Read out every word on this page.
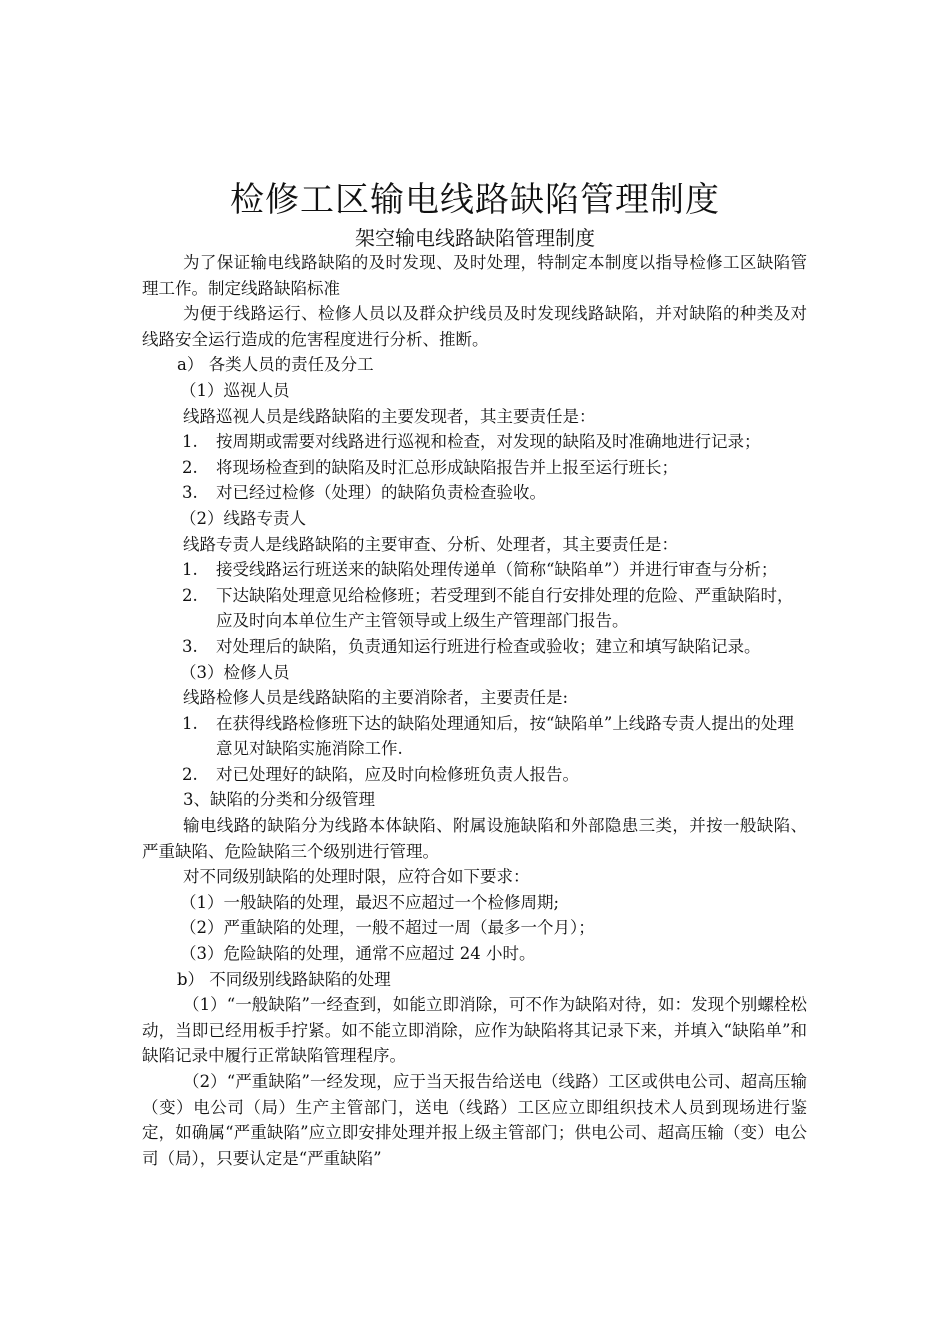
检修工区输电线路缺陷管理制度
架空输电线路缺陷管理制度

为了保证输电线路缺陷的及时发现、及时处理，特制定本制度以指导检修工区缺陷管理工作。制定线路缺陷标准

为便于线路运行、检修人员以及群众护线员及时发现线路缺陷，并对缺陷的种类及对线路安全运行造成的危害程度进行分析、推断。

a） 各类人员的责任及分工

（1）巡视人员

线路巡视人员是线路缺陷的主要发现者，其主要责任是：

1. 按周期或需要对线路进行巡视和检查，对发现的缺陷及时准确地进行记录；
2. 将现场检查到的缺陷及时汇总形成缺陷报告并上报至运行班长；
3. 对已经过检修（处理）的缺陷负责检查验收。

（2）线路专责人

线路专责人是线路缺陷的主要审查、分析、处理者，其主要责任是：

1. 接受线路运行班送来的缺陷处理传递单（简称“缺陷单”）并进行审查与分析；
2. 下达缺陷处理意见给检修班；若受理到不能自行安排处理的危险、严重缺陷时，应及时向本单位生产主管领导或上级生产管理部门报告。
3. 对处理后的缺陷，负责通知运行班进行检查或验收；建立和填写缺陷记录。

（3）检修人员

线路检修人员是线路缺陷的主要消除者，主要责任是:

1. 在获得线路检修班下达的缺陷处理通知后，按“缺陷单”上线路专责人提出的处理意见对缺陷实施消除工作.
2. 对已处理好的缺陷，应及时向检修班负责人报告。

3、缺陷的分类和分级管理

输电线路的缺陷分为线路本体缺陷、附属设施缺陷和外部隐患三类，并按一般缺陷、严重缺陷、危险缺陷三个级别进行管理。

对不同级别缺陷的处理时限，应符合如下要求：

（1）一般缺陷的处理，最迟不应超过一个检修周期;

（2）严重缺陷的处理，一般不超过一周（最多一个月）；

（3）危险缺陷的处理，通常不应超过 24 小时。

b） 不同级别线路缺陷的处理

（1）“一般缺陷”一经查到，如能立即消除，可不作为缺陷对待，如：发现个别螺栓松动，当即已经用板手拧紧。如不能立即消除，应作为缺陷将其记录下来，并填入“缺陷单”和缺陷记录中履行正常缺陷管理程序。

（2）“严重缺陷”一经发现，应于当天报告给送电（线路）工区或供电公司、超高压输（变）电公司（局）生产主管部门，送电（线路）工区应立即组织技术人员到现场进行鉴定，如确属“严重缺陷”应立即安排处理并报上级主管部门；供电公司、超高压输（变）电公司（局），只要认定是“严重缺陷”
